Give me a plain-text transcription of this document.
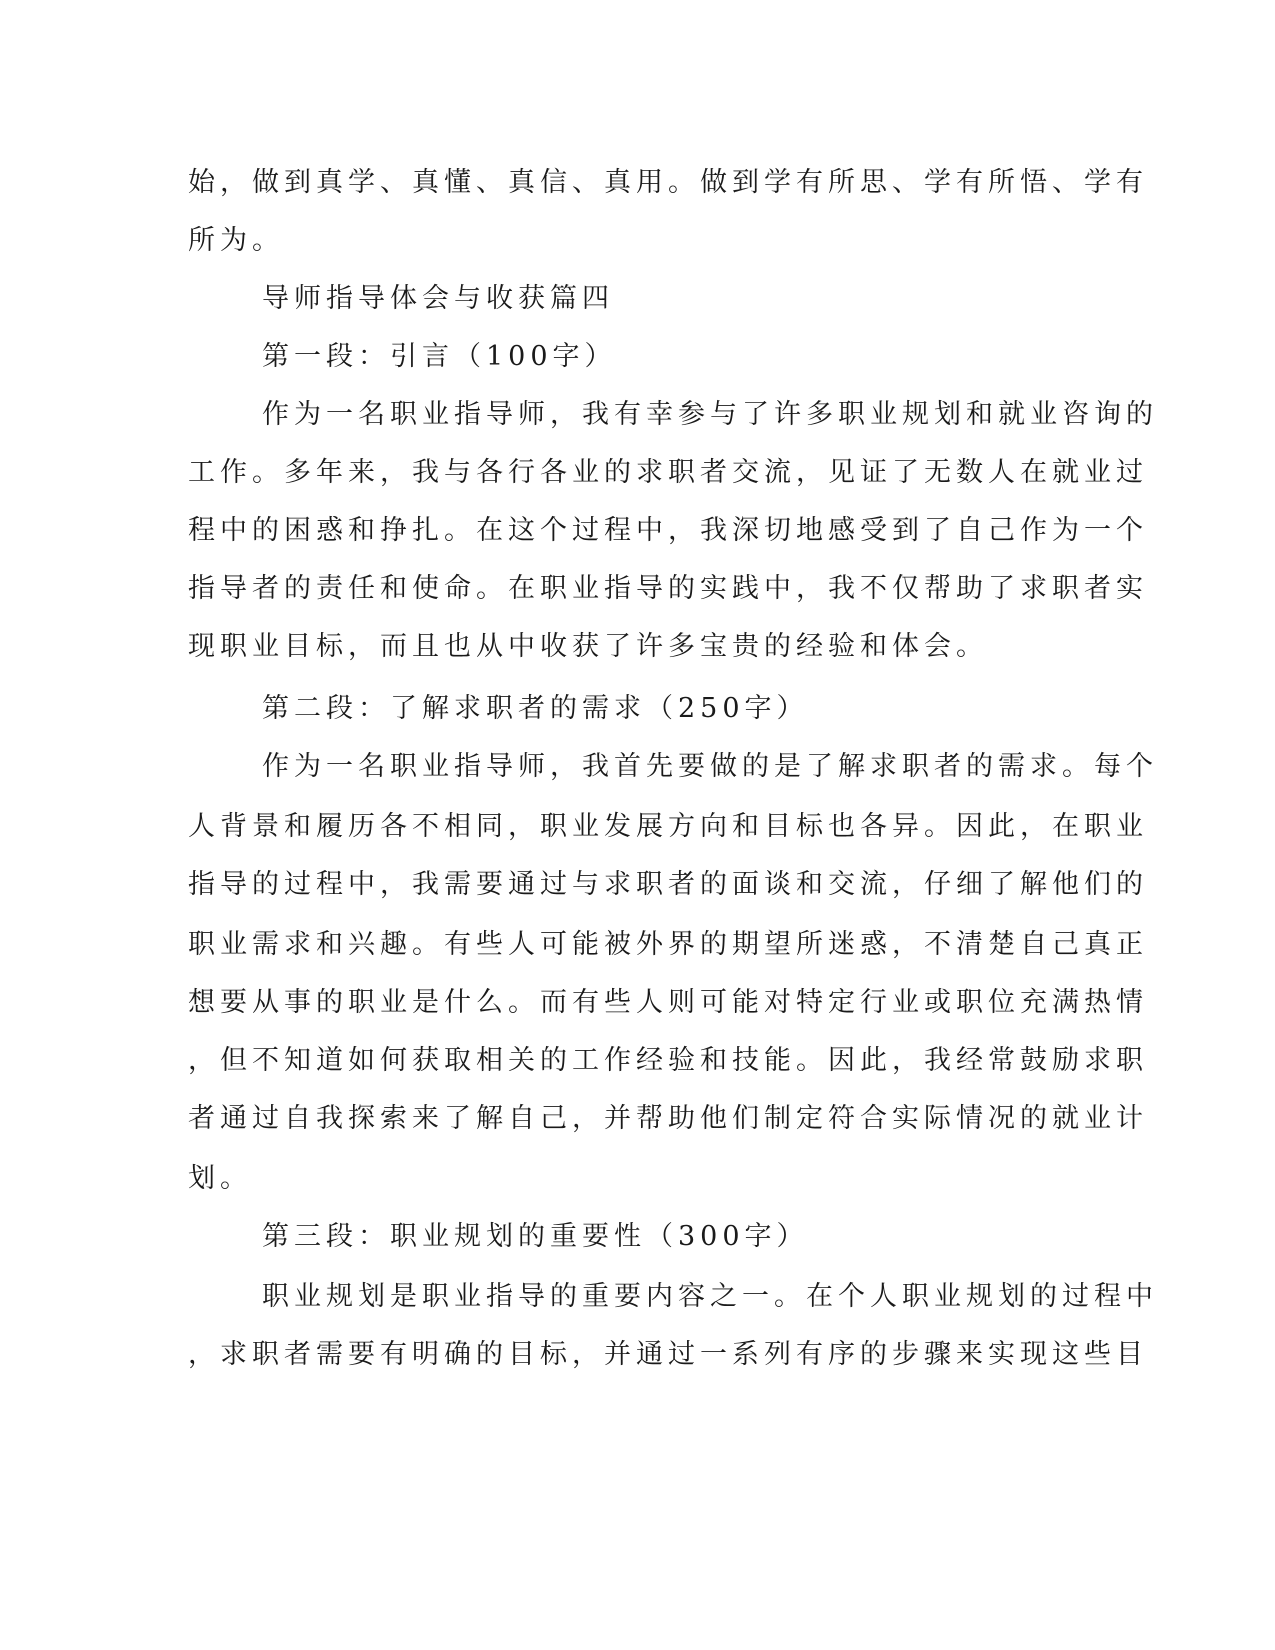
始，做到真学、真懂、真信、真用。做到学有所思、学有所悟、学有
所为。
导师指导体会与收获篇四
第一段：引言（100字）
作为一名职业指导师，我有幸参与了许多职业规划和就业咨询的
工作。多年来，我与各行各业的求职者交流，见证了无数人在就业过
程中的困惑和挣扎。在这个过程中，我深切地感受到了自己作为一个
指导者的责任和使命。在职业指导的实践中，我不仅帮助了求职者实
现职业目标，而且也从中收获了许多宝贵的经验和体会。
第二段：了解求职者的需求（250字）
作为一名职业指导师，我首先要做的是了解求职者的需求。每个
人背景和履历各不相同，职业发展方向和目标也各异。因此，在职业
指导的过程中，我需要通过与求职者的面谈和交流，仔细了解他们的
职业需求和兴趣。有些人可能被外界的期望所迷惑，不清楚自己真正
想要从事的职业是什么。而有些人则可能对特定行业或职位充满热情
，但不知道如何获取相关的工作经验和技能。因此，我经常鼓励求职
者通过自我探索来了解自己，并帮助他们制定符合实际情况的就业计
划。
第三段：职业规划的重要性（300字）
职业规划是职业指导的重要内容之一。在个人职业规划的过程中
，求职者需要有明确的目标，并通过一系列有序的步骤来实现这些目
